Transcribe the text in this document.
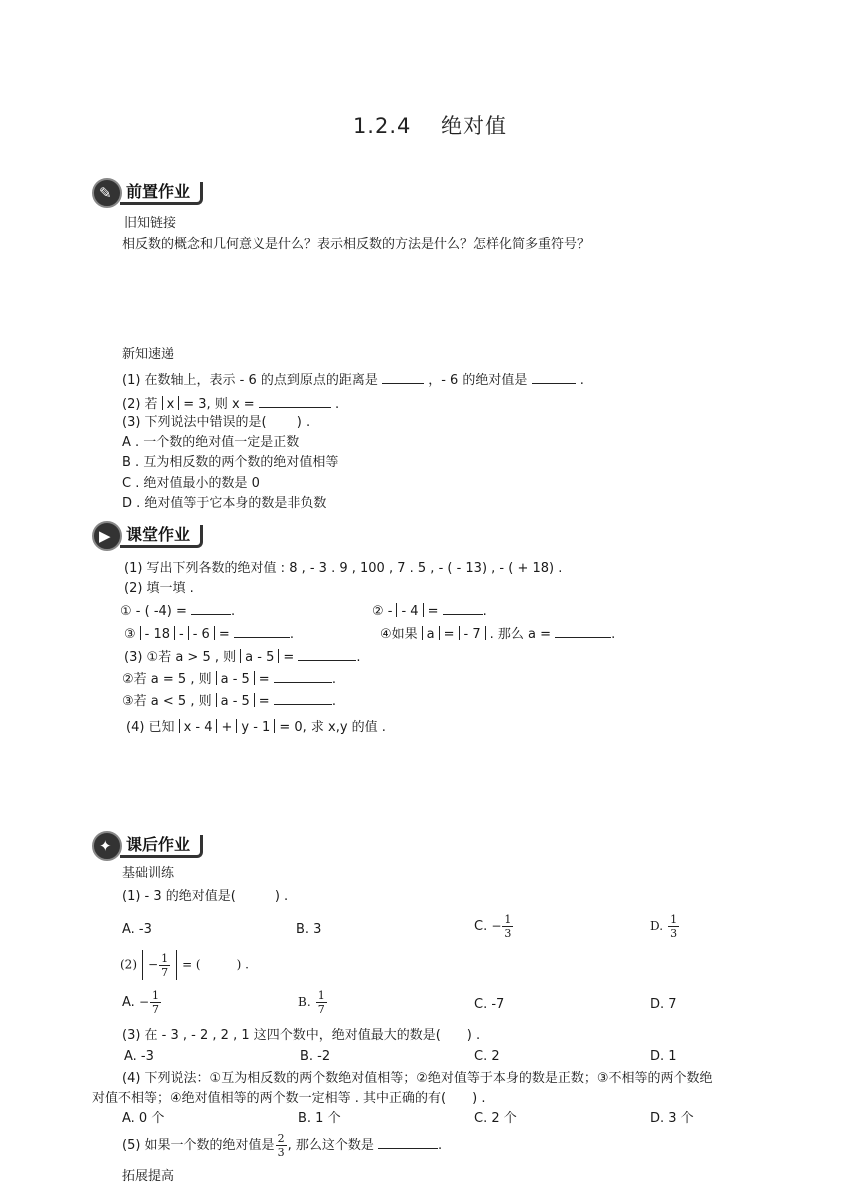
1.2.4　 绝对值
✎ 前置作业
旧知链接
相反数的概念和几何意义是什么？表示相反数的方法是什么？怎样化简多重符号？
新知速递
(1) 在数轴上，表示 - 6 的点到原点的距离是	，- 6 的绝对值是	.
(2) 若 x = 3, 则 x =	.
(3) 下列说法中错误的是(　　 ) .
A . 一个数的绝对值一定是正数
B . 互为相反数的两个数的绝对值相等
C . 绝对值最小的数是 0
D . 绝对值等于它本身的数是非负数
▶ 课堂作业
(1) 写出下列各数的绝对值 : 8 , - 3 . 9 , 100 , 7 . 5 , - ( - 13) , - ( + 18) .
(2) 填一填 .
① - ( -4) =	.	② - - 4 =	.
③ - 18 - - 6 =	.	④如果 a = - 7 . 那么 a =	.
(3) ①若 a > 5 , 则 a - 5 =	.
②若 a = 5 , 则 a - 5 =	.
③若 a < 5 , 则 a - 5 =	.
(4) 已知 x - 4 + y - 1 = 0, 求 x,y 的值 .
✦ 课后作业
基础训练
(1) - 3 的绝对值是(　　　) .
A. -3	B. 3	C. − $\frac{1}{3}$	D. $\frac{1}{3}$
$(2) - \frac{1}{7}$ = (　　　) .
A. − $\frac{1}{7}$	B. $\frac{1}{7}$	C. -7	D. 7
(3) 在 - 3 , - 2 , 2 , 1 这四个数中，绝对值最大的数是(　　) .
A. -3	B. -2	C. 2	D. 1
(4) 下列说法：①互为相反数的两个数绝对值相等；②绝对值等于本身的数是正数；③不相等的两个数绝
对值不相等；④绝对值相等的两个数一定相等 . 其中正确的有(　　) .
A. 0 个	B. 1 个	C. 2 个	D. 3 个
(5) 如果一个数的绝对值是 $\frac{2}{3}$ , 那么这个数是	.
拓展提高
